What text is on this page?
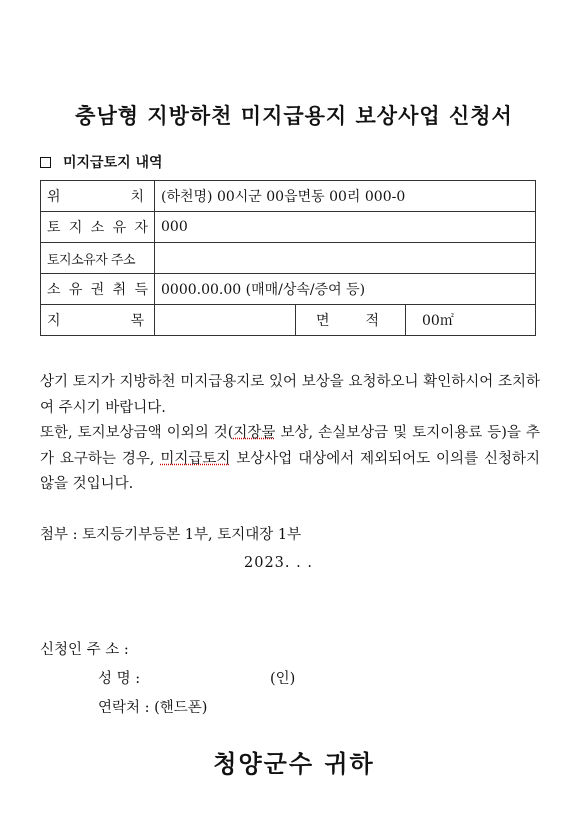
충남형 지방하천 미지급용지 보상사업 신청서
미지급토지 내역
위 치	(하천명) 00시군 00읍면동 00리 000-0		

토 지 소 유 자	000		
토지소유자 주소			

소 유 권 취 득	0000.00.00 (매매/상속/증여 등)		

지 목		면 적	00㎡

상기 토지가 지방하천 미지급용지로 있어 보상을 요청하오니 확인하시어 조치하여 주시기 바랍니다.

또한, 토지보상금액 이외의 것(지장물 보상, 손실보상금 및 토지이용료 등)을 추가 요구하는 경우, 미지급토지 보상사업 대상에서 제외되어도 이의를 신청하지 않을 것입니다.

첨부 : 토지등기부등본 1부, 토지대장 1부
2023. . .
신청인 주 소 :
성 명 :	(인)
연락처 : (핸드폰)
청양군수 귀하
